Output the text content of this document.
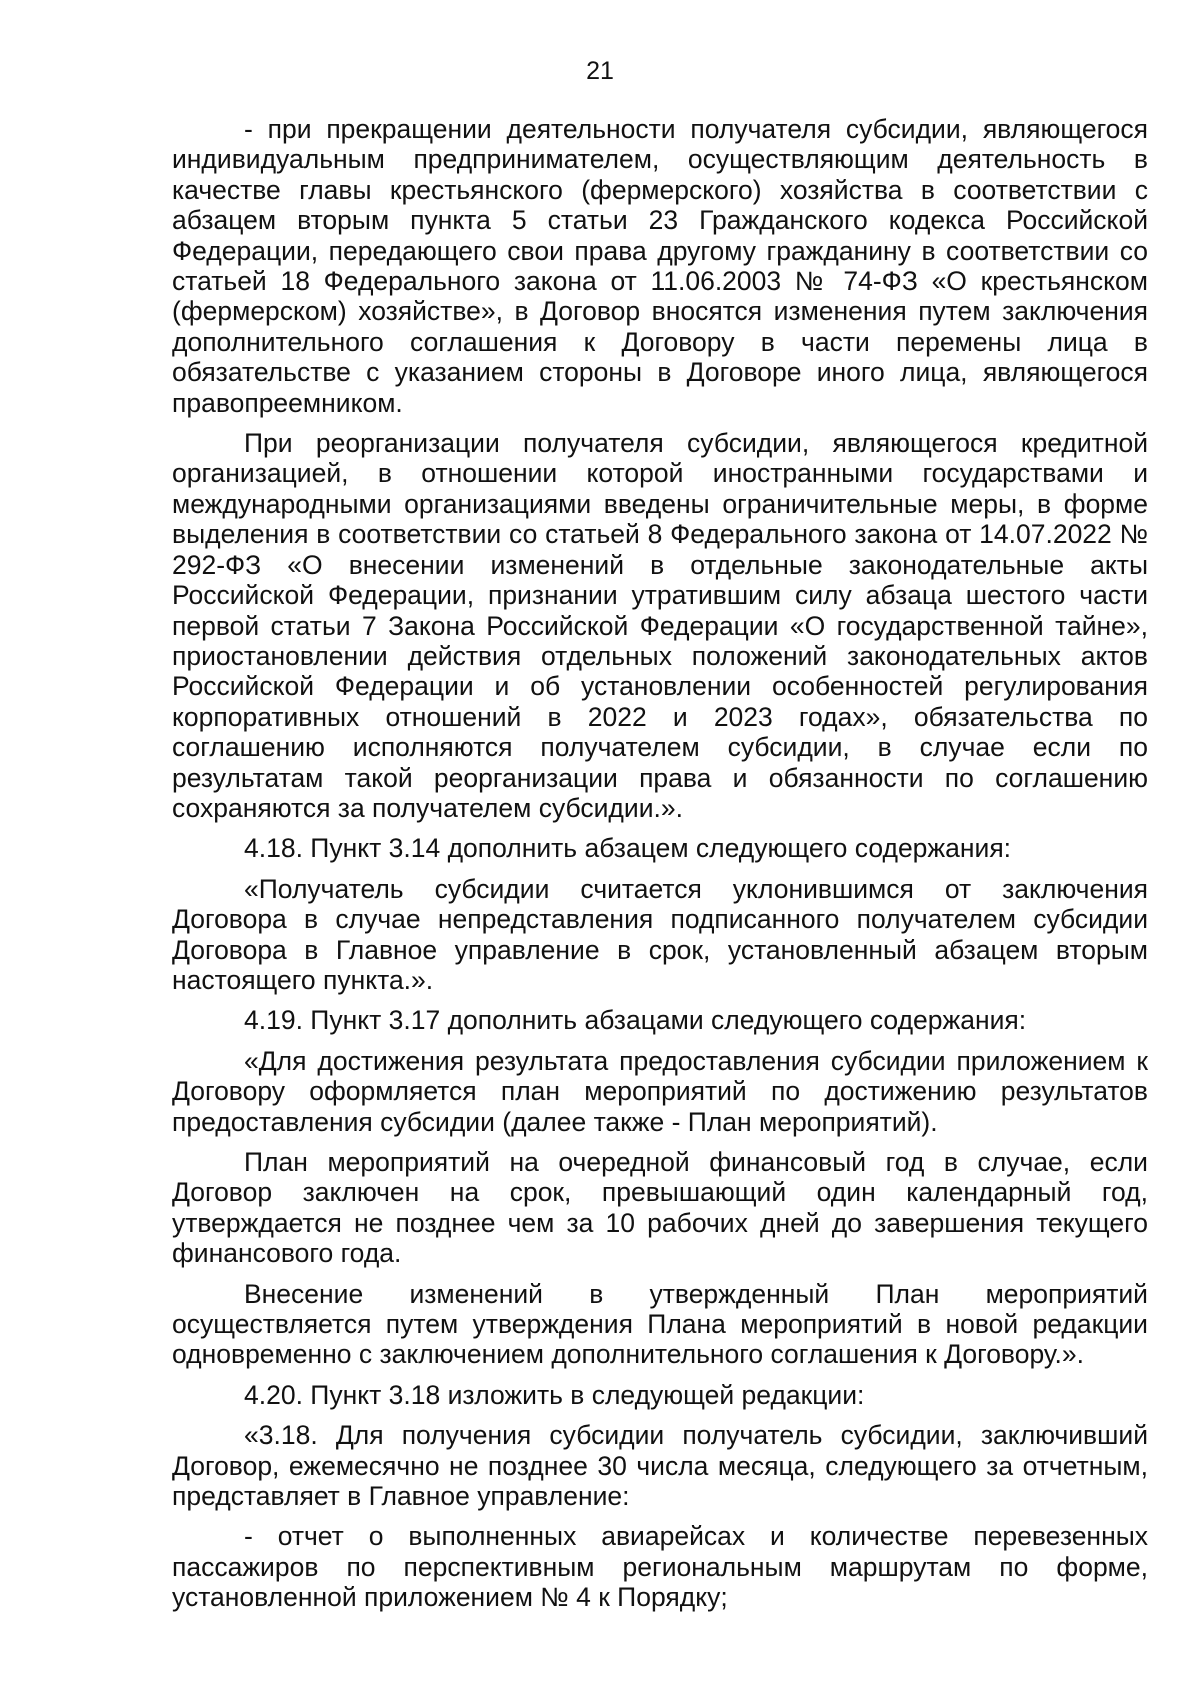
21

- при прекращении деятельности получателя субсидии, являющегося индивидуальным предпринимателем, осуществляющим деятельность в качестве главы крестьянского (фермерского) хозяйства в соответствии с абзацем вторым пункта 5 статьи 23 Гражданского кодекса Российской Федерации, передающего свои права другому гражданину в соответствии со статьей 18 Федерального закона от 11.06.2003 № 74-ФЗ «О крестьянском (фермерском) хозяйстве», в Договор вносятся изменения путем заключения дополнительного соглашения к Договору в части перемены лица в обязательстве с указанием стороны в Договоре иного лица, являющегося правопреемником.

При реорганизации получателя субсидии, являющегося кредитной организацией, в отношении которой иностранными государствами и международными организациями введены ограничительные меры, в форме выделения в соответствии со статьей 8 Федерального закона от 14.07.2022 № 292-ФЗ «О внесении изменений в отдельные законодательные акты Российской Федерации, признании утратившим силу абзаца шестого части первой статьи 7 Закона Российской Федерации «О государственной тайне», приостановлении действия отдельных положений законодательных актов Российской Федерации и об установлении особенностей регулирования корпоративных отношений в 2022 и 2023 годах», обязательства по соглашению исполняются получателем субсидии, в случае если по результатам такой реорганизации права и обязанности по соглашению сохраняются за получателем субсидии.».

4.18. Пункт 3.14 дополнить абзацем следующего содержания:

«Получатель субсидии считается уклонившимся от заключения Договора в случае непредставления подписанного получателем субсидии Договора в Главное управление в срок, установленный абзацем вторым настоящего пункта.».

4.19. Пункт 3.17 дополнить абзацами следующего содержания:

«Для достижения результата предоставления субсидии приложением к Договору оформляется план мероприятий по достижению результатов предоставления субсидии (далее также - План мероприятий).

План мероприятий на очередной финансовый год в случае, если Договор заключен на срок, превышающий один календарный год, утверждается не позднее чем за 10 рабочих дней до завершения текущего финансового года.

Внесение изменений в утвержденный План мероприятий осуществляется путем утверждения Плана мероприятий в новой редакции одновременно с заключением дополнительного соглашения к Договору.».

4.20. Пункт 3.18 изложить в следующей редакции:

«3.18. Для получения субсидии получатель субсидии, заключивший Договор, ежемесячно не позднее 30 числа месяца, следующего за отчетным, представляет в Главное управление:

- отчет о выполненных авиарейсах и количестве перевезенных пассажиров по перспективным региональным маршрутам по форме, установленной приложением № 4 к Порядку;
